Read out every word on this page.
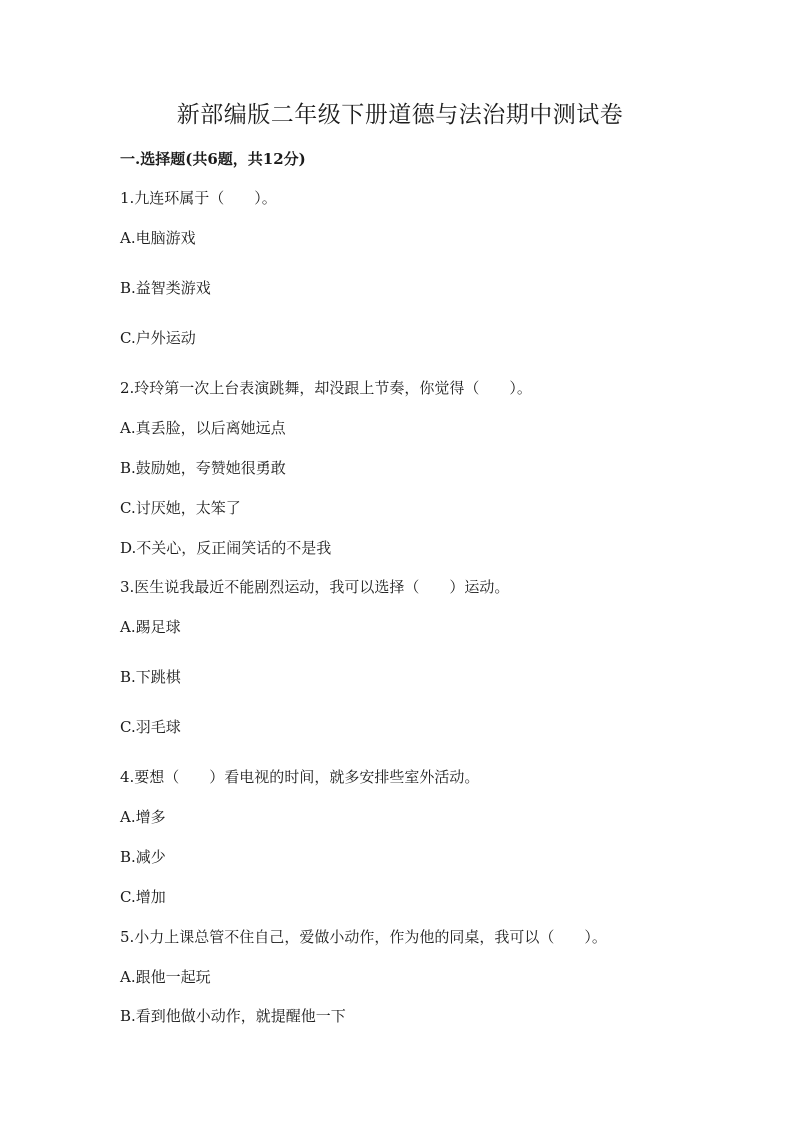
新部编版二年级下册道德与法治期中测试卷
一.选择题(共6题，共12分)
1.九连环属于（　　）。
A.电脑游戏
B.益智类游戏
C.户外运动
2.玲玲第一次上台表演跳舞，却没跟上节奏，你觉得（　　）。
A.真丢脸，以后离她远点
B.鼓励她，夸赞她很勇敢
C.讨厌她，太笨了
D.不关心，反正闹笑话的不是我
3.医生说我最近不能剧烈运动，我可以选择（　　）运动。
A.踢足球
B.下跳棋
C.羽毛球
4.要想（　　）看电视的时间，就多安排些室外活动。
A.增多
B.减少
C.增加
5.小力上课总管不住自己，爱做小动作，作为他的同桌，我可以（　　）。
A.跟他一起玩
B.看到他做小动作，就提醒他一下
